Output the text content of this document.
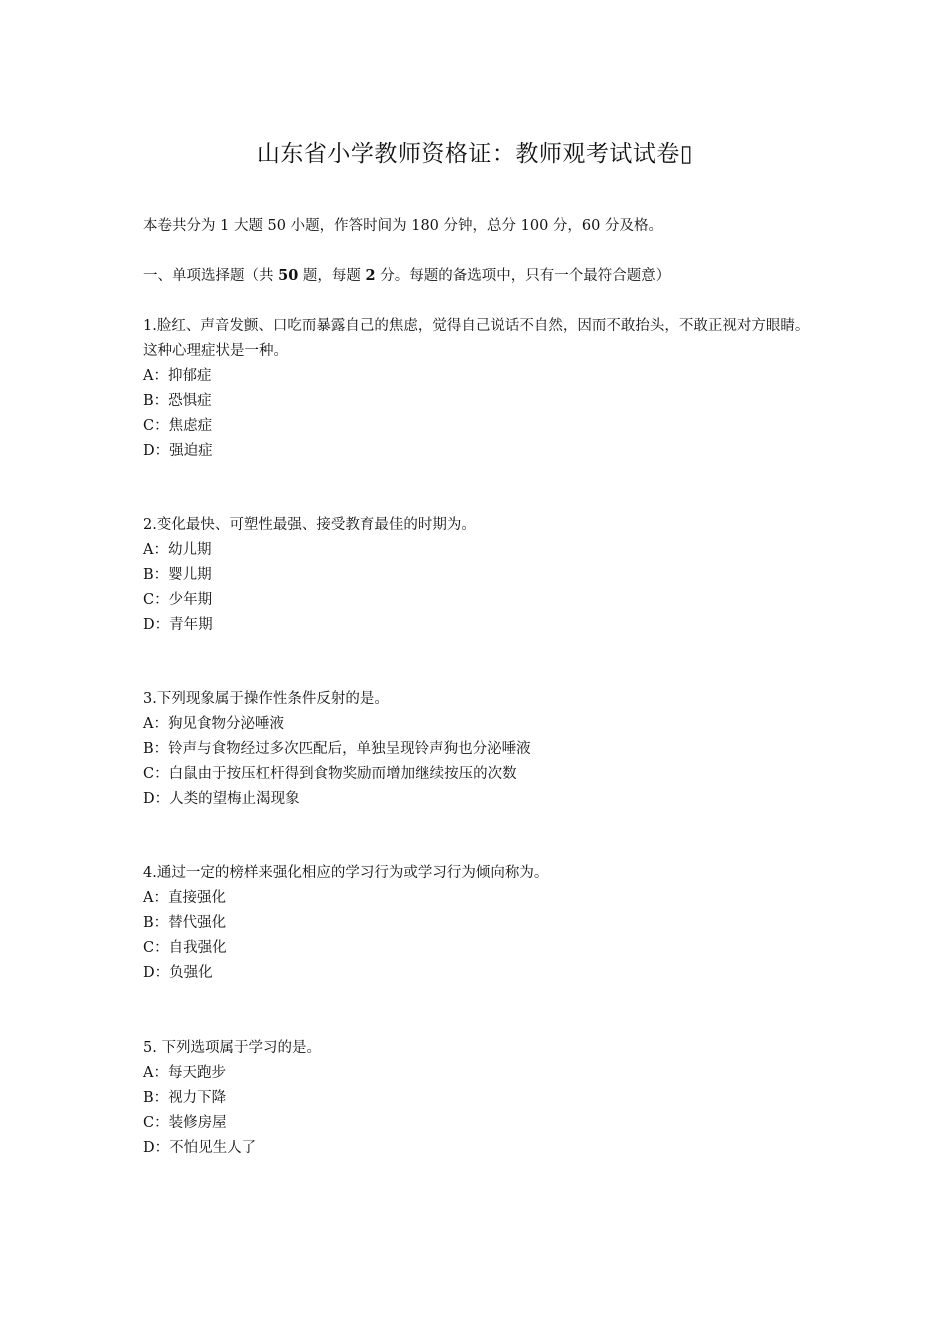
山东省小学教师资格证：教师观考试试卷▯
本卷共分为 1 大题 50 小题，作答时间为 180 分钟，总分 100 分，60 分及格。
一、单项选择题（共 50 题，每题 2 分。每题的备选项中，只有一个最符合题意）
1.脸红、声音发颤、口吃而暴露自己的焦虑，觉得自己说话不自然，因而不敢抬头，不敢正视对方眼睛。这种心理症状是一种。
A：抑郁症
B：恐惧症
C：焦虑症
D：强迫症
2.变化最快、可塑性最强、接受教育最佳的时期为。
A：幼儿期
B：婴儿期
C：少年期
D：青年期
3.下列现象属于操作性条件反射的是。
A：狗见食物分泌唾液
B：铃声与食物经过多次匹配后，单独呈现铃声狗也分泌唾液
C：白鼠由于按压杠杆得到食物奖励而增加继续按压的次数
D：人类的望梅止渴现象
4.通过一定的榜样来强化相应的学习行为或学习行为倾向称为。
A：直接强化
B：替代强化
C：自我强化
D：负强化
5. 下列选项属于学习的是。
A：每天跑步
B：视力下降
C：装修房屋
D：不怕见生人了
